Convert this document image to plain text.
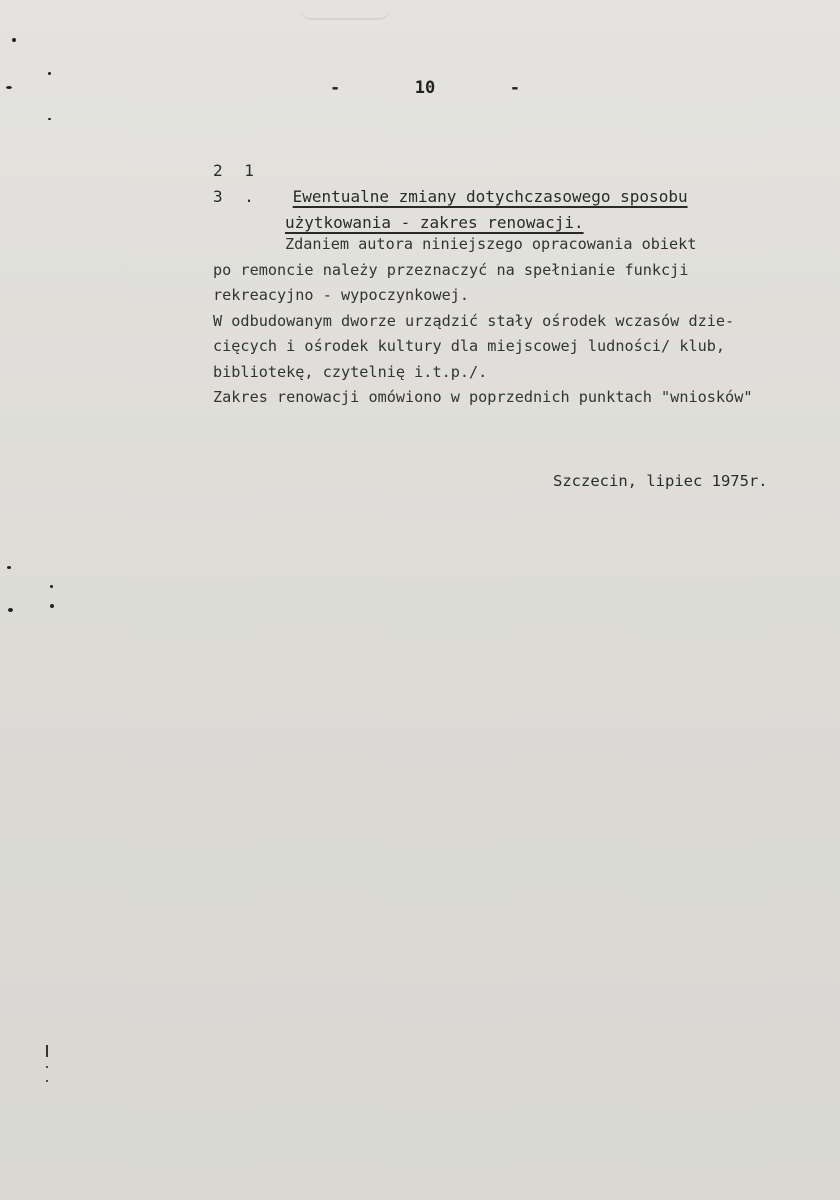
-	10	-
2 1 3 . Ewentualne zmiany dotychczasowego sposobu
użytkowania - zakres renowacji.
Zdaniem autora niniejszego opracowania obiekt
po remoncie należy przeznaczyć na spełnianie funkcji
rekreacyjno - wypoczynkowej.
W odbudowanym dworze urządzić stały ośrodek wczasów dzie-
cięcych i ośrodek kultury dla miejscowej ludności/ klub,
bibliotekę, czytelnię i.t.p./.
Zakres renowacji omówiono w poprzednich punktach "wniosków"
Szczecin, lipiec 1975r.
